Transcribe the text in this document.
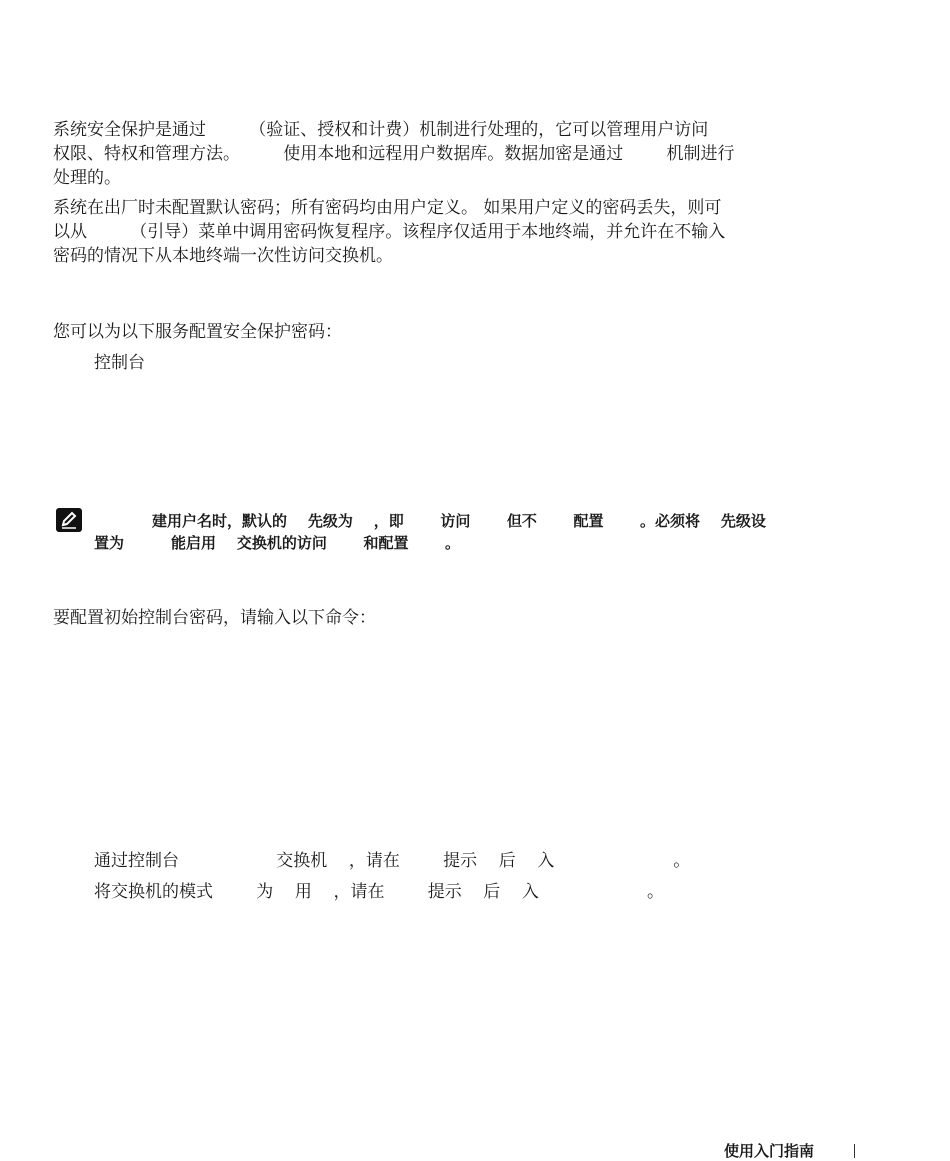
系统安全保护是通过        （验证、授权和计费）机制进行处理的，它可以管理用户访问
权限、特权和管理方法。        使用本地和远程用户数据库。数据加密是通过        机制进行
处理的。
系统在出厂时未配置默认密码；所有密码均由用户定义。 如果用户定义的密码丢失，则可
以从        （引导）菜单中调用密码恢复程序。该程序仅适用于本地终端，并允许在不输入
密码的情况下从本地终端一次性访问交换机。
您可以为以下服务配置安全保护密码：
控制台
建用户名时，默认的    先级为    ，即       访问       但不       配置       。必须将    先级设
置为         能启用    交换机的访问       和配置       。
要配置初始控制台密码，请输入以下命令：
通过控制台                  交换机    ，请在        提示    后    入                      。
将交换机的模式        为    用    ，请在        提示    后    入                    。
使用入门指南
